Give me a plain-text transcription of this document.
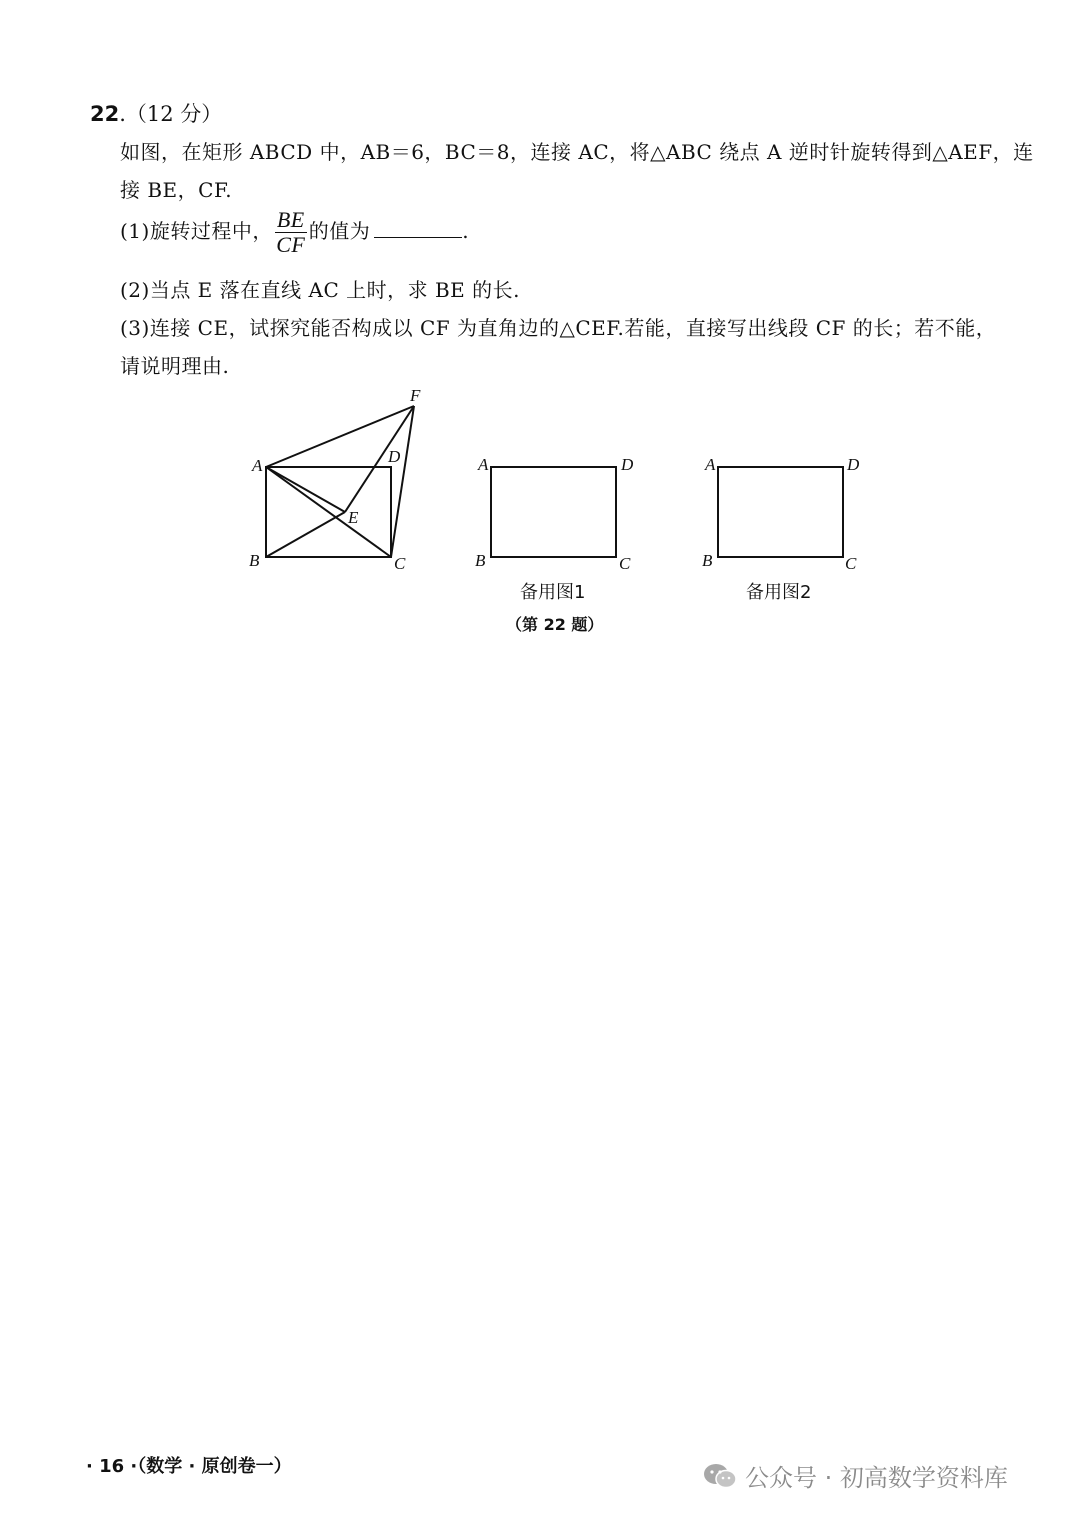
22.（12 分）
如图，在矩形 ABCD 中，AB＝6，BC＝8，连接 AC，将△ABC 绕点 A 逆时针旋转得到△AEF，连
接 BE，CF.
(1)旋转过程中， $\frac{BE}{CF}$ 的值为	.
(2)当点 E 落在直线 AC 上时，求 BE 的长.
(3)连接 CE，试探究能否构成以 CF 为直角边的△CEF.若能，直接写出线段 CF 的长；若不能，
请说明理由.
A
B	C
D
E
F
A	D
B	C
A	D
B	C
备用图1	备用图2
（第 22 题）
· 16 ·（数学 · 原创卷一）	公众号 · 初高数学资料库
